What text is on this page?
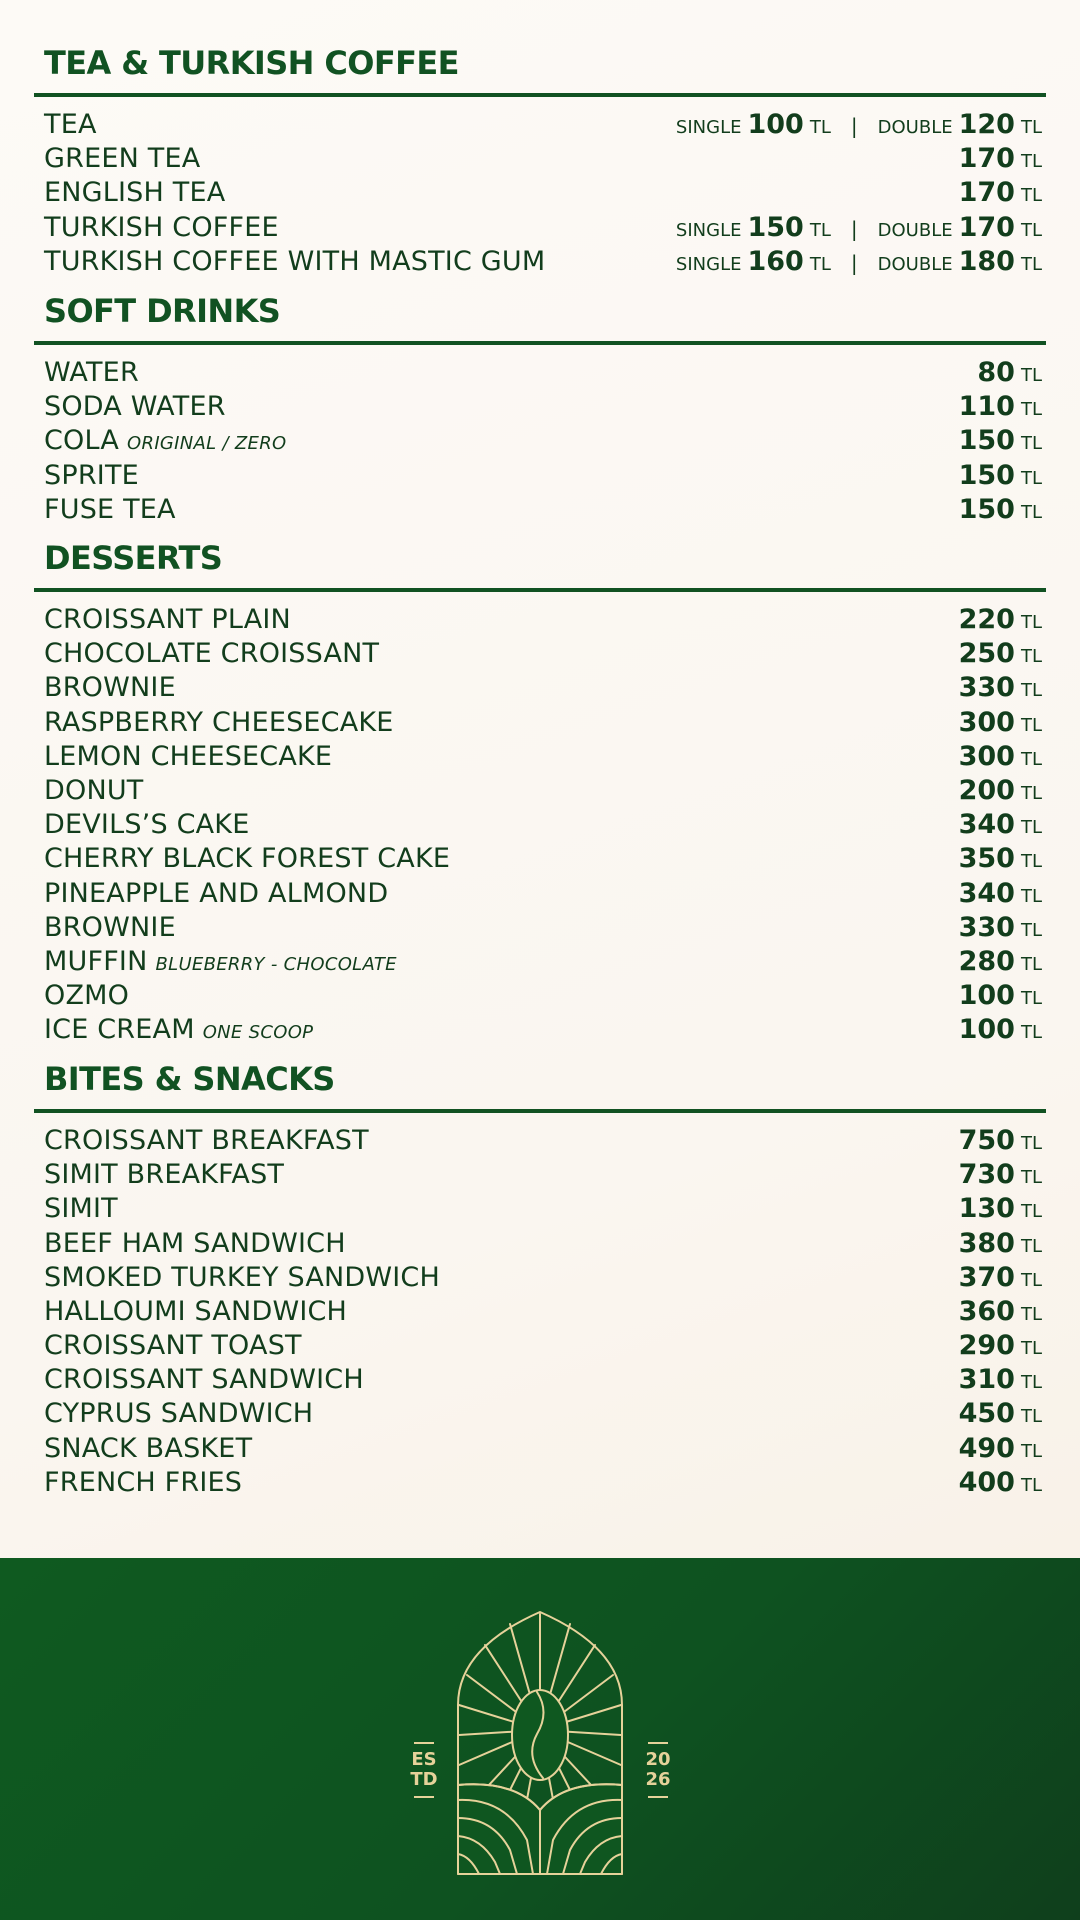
TEA & TURKISH COFFEE
TEA	SINGLE 100 TL | DOUBLE 120 TL
GREEN TEA	170 TL
ENGLISH TEA	170 TL
TURKISH COFFEE	SINGLE 150 TL | DOUBLE 170 TL
TURKISH COFFEE WITH MASTIC GUM	SINGLE 160 TL | DOUBLE 180 TL
SOFT DRINKS
WATER	80 TL
SODA WATER	110 TL
COLA ORIGINAL / ZERO	150 TL
SPRITE	150 TL
FUSE TEA	150 TL
DESSERTS
CROISSANT PLAIN	220 TL
CHOCOLATE CROISSANT	250 TL
BROWNIE	330 TL
RASPBERRY CHEESECAKE	300 TL
LEMON CHEESECAKE	300 TL
DONUT	200 TL
DEVILS’S CAKE	340 TL
CHERRY BLACK FOREST CAKE	350 TL
PINEAPPLE AND ALMOND	340 TL
BROWNIE	330 TL
MUFFIN BLUEBERRY - CHOCOLATE	280 TL
OZMO	100 TL
ICE CREAM ONE SCOOP	100 TL
BITES & SNACKS
CROISSANT BREAKFAST	750 TL
SIMIT BREAKFAST	730 TL
SIMIT	130 TL
BEEF HAM SANDWICH	380 TL
SMOKED TURKEY SANDWICH	370 TL
HALLOUMI SANDWICH	360 TL
CROISSANT TOAST	290 TL
CROISSANT SANDWICH	310 TL
CYPRUS SANDWICH	450 TL
SNACK BASKET	490 TL
FRENCH FRIES	400 TL
ES
TD
20
26
